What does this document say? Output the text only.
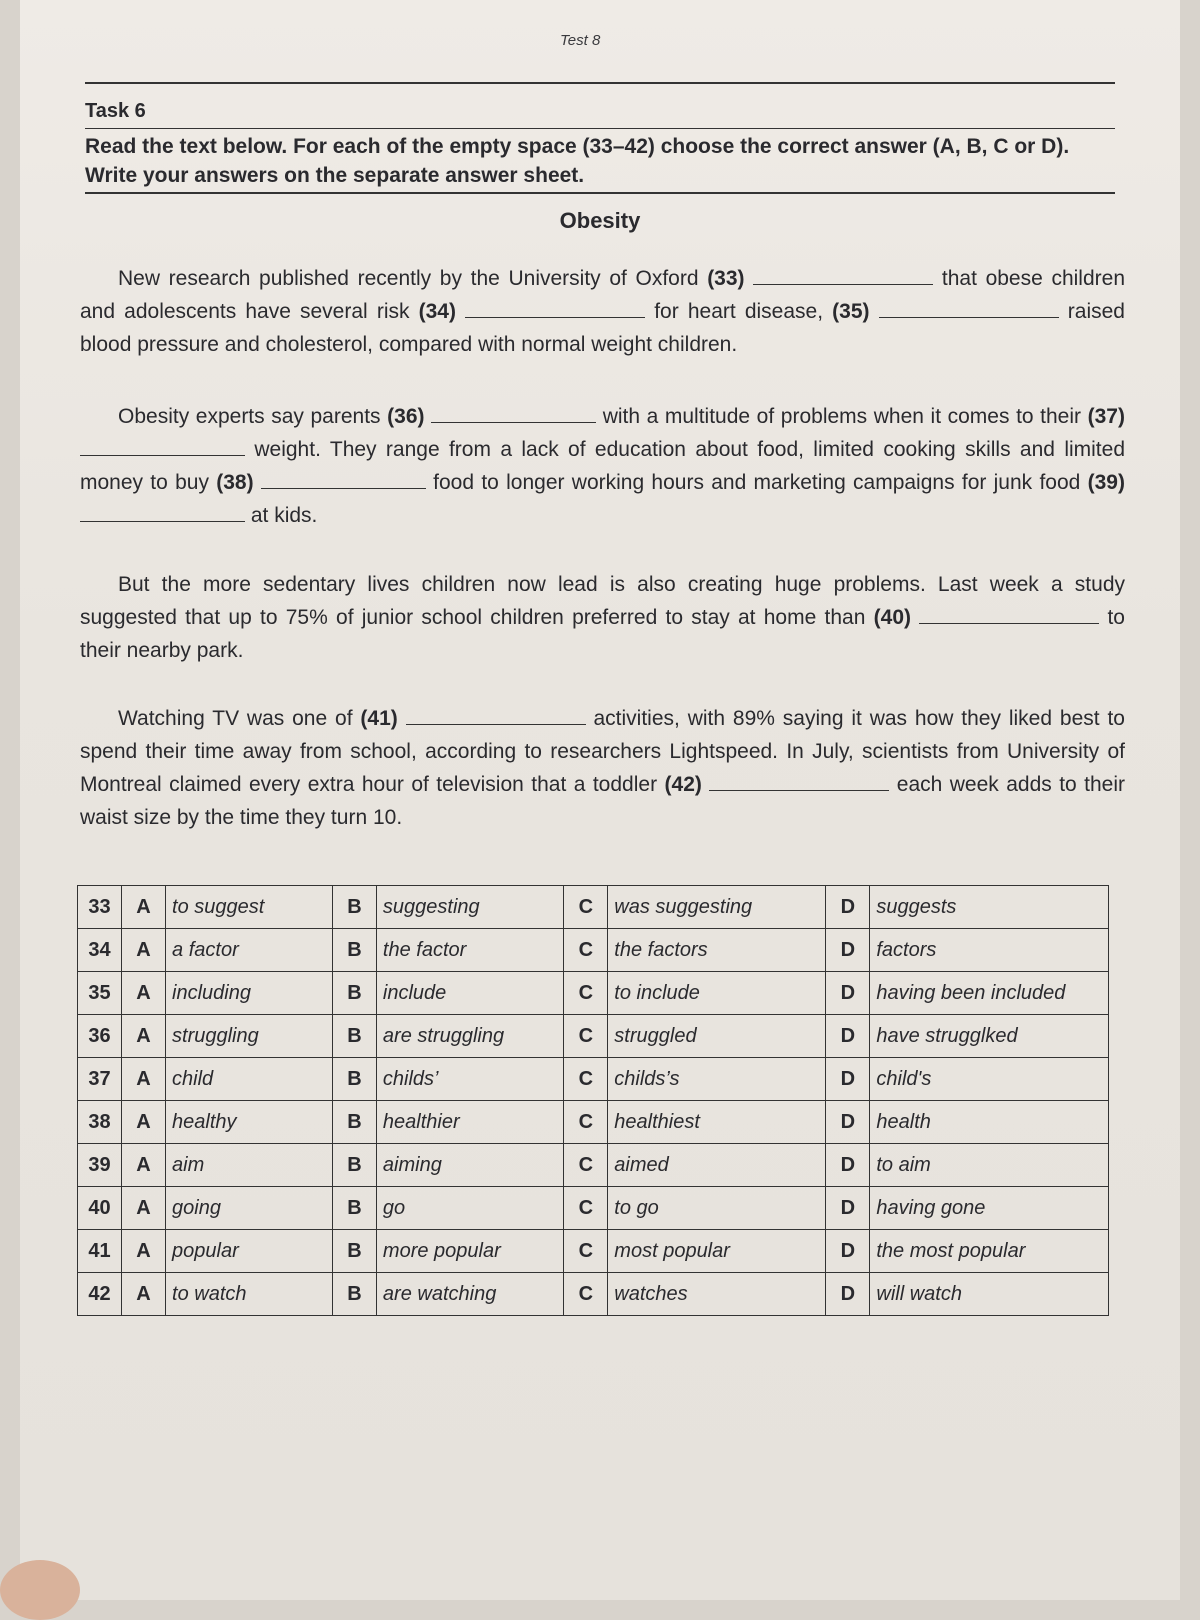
Test 8
Task 6
Read the text below. For each of the empty space (33–42) choose the correct answer (A, B, C or D). Write your answers on the separate answer sheet.
Obesity
New research published recently by the University of Oxford (33)	that obese children and adolescents have several risk (34)	for heart disease, (35)	raised blood pressure and cholesterol, compared with normal weight children.
Obesity experts say parents (36)	with a multitude of problems when it comes to their (37)  weight. They range from a lack of education about food, limited cooking skills and limited money to buy (38)	food to longer working hours and marketing campaigns for junk food (39)  at kids.
But the more sedentary lives children now lead is also creating huge problems. Last week a study suggested that up to 75% of junior school children preferred to stay at home than (40)	to their nearby park.
Watching TV was one of (41)	activities, with 89% saying it was how they liked best to spend their time away from school, according to researchers Lightspeed. In July, scientists from University of Montreal claimed every extra hour of television that a toddler (42)	each week adds to their waist size by the time they turn 10.
33	A	to suggest	B	suggesting	C	was suggesting	D	suggests
34	A	a factor	B	the factor	C	the factors	D	factors
35	A	including	B	include	C	to include	D	having been included
36	A	struggling	B	are struggling	C	struggled	D	have strugglked
37	A	child	B	childs’	C	childs’s	D	child's
38	A	healthy	B	healthier	C	healthiest	D	health
39	A	aim	B	aiming	C	aimed	D	to aim
40	A	going	B	go	C	to go	D	having gone
41	A	popular	B	more popular	C	most popular	D	the most popular
42	A	to watch	B	are watching	C	watches	D	will watch
